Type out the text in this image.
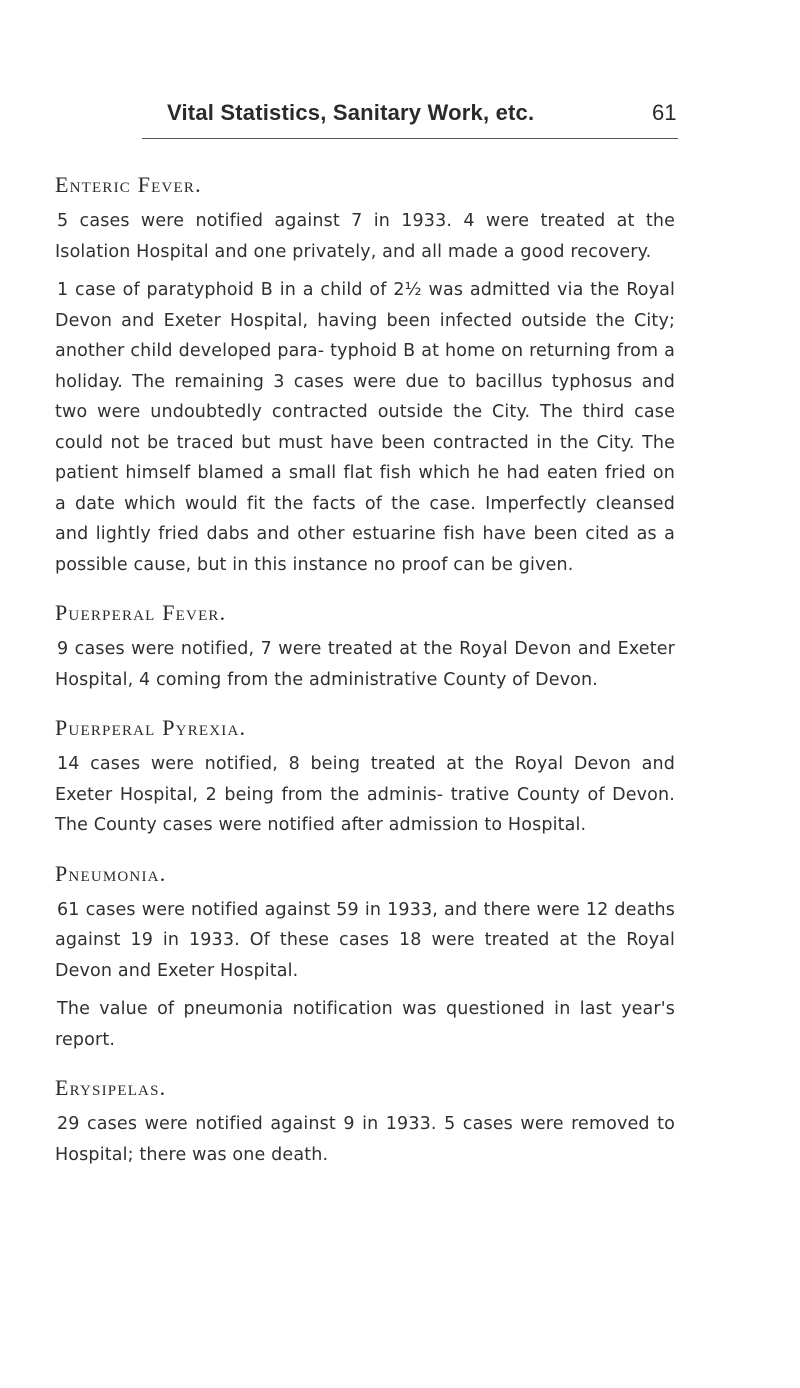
Vital Statistics, Sanitary Work, etc.	61
Enteric Fever.

5 cases were notified against 7 in 1933. 4 were treated at the Isolation Hospital and one privately, and all made a good recovery.

1 case of paratyphoid B in a child of 2½ was admitted via the Royal Devon and Exeter Hospital, having been infected outside the City; another child developed para- typhoid B at home on returning from a holiday. The remaining 3 cases were due to bacillus typhosus and two were undoubtedly contracted outside the City. The third case could not be traced but must have been contracted in the City. The patient himself blamed a small flat fish which he had eaten fried on a date which would fit the facts of the case. Imperfectly cleansed and lightly fried dabs and other estuarine fish have been cited as a possible cause, but in this instance no proof can be given.

Puerperal Fever.

9 cases were notified, 7 were treated at the Royal Devon and Exeter Hospital, 4 coming from the administrative County of Devon.

Puerperal Pyrexia.

14 cases were notified, 8 being treated at the Royal Devon and Exeter Hospital, 2 being from the adminis- trative County of Devon. The County cases were notified after admission to Hospital.

Pneumonia.

61 cases were notified against 59 in 1933, and there were 12 deaths against 19 in 1933. Of these cases 18 were treated at the Royal Devon and Exeter Hospital.

The value of pneumonia notification was questioned in last year's report.

Erysipelas.

29 cases were notified against 9 in 1933. 5 cases were removed to Hospital; there was one death.
